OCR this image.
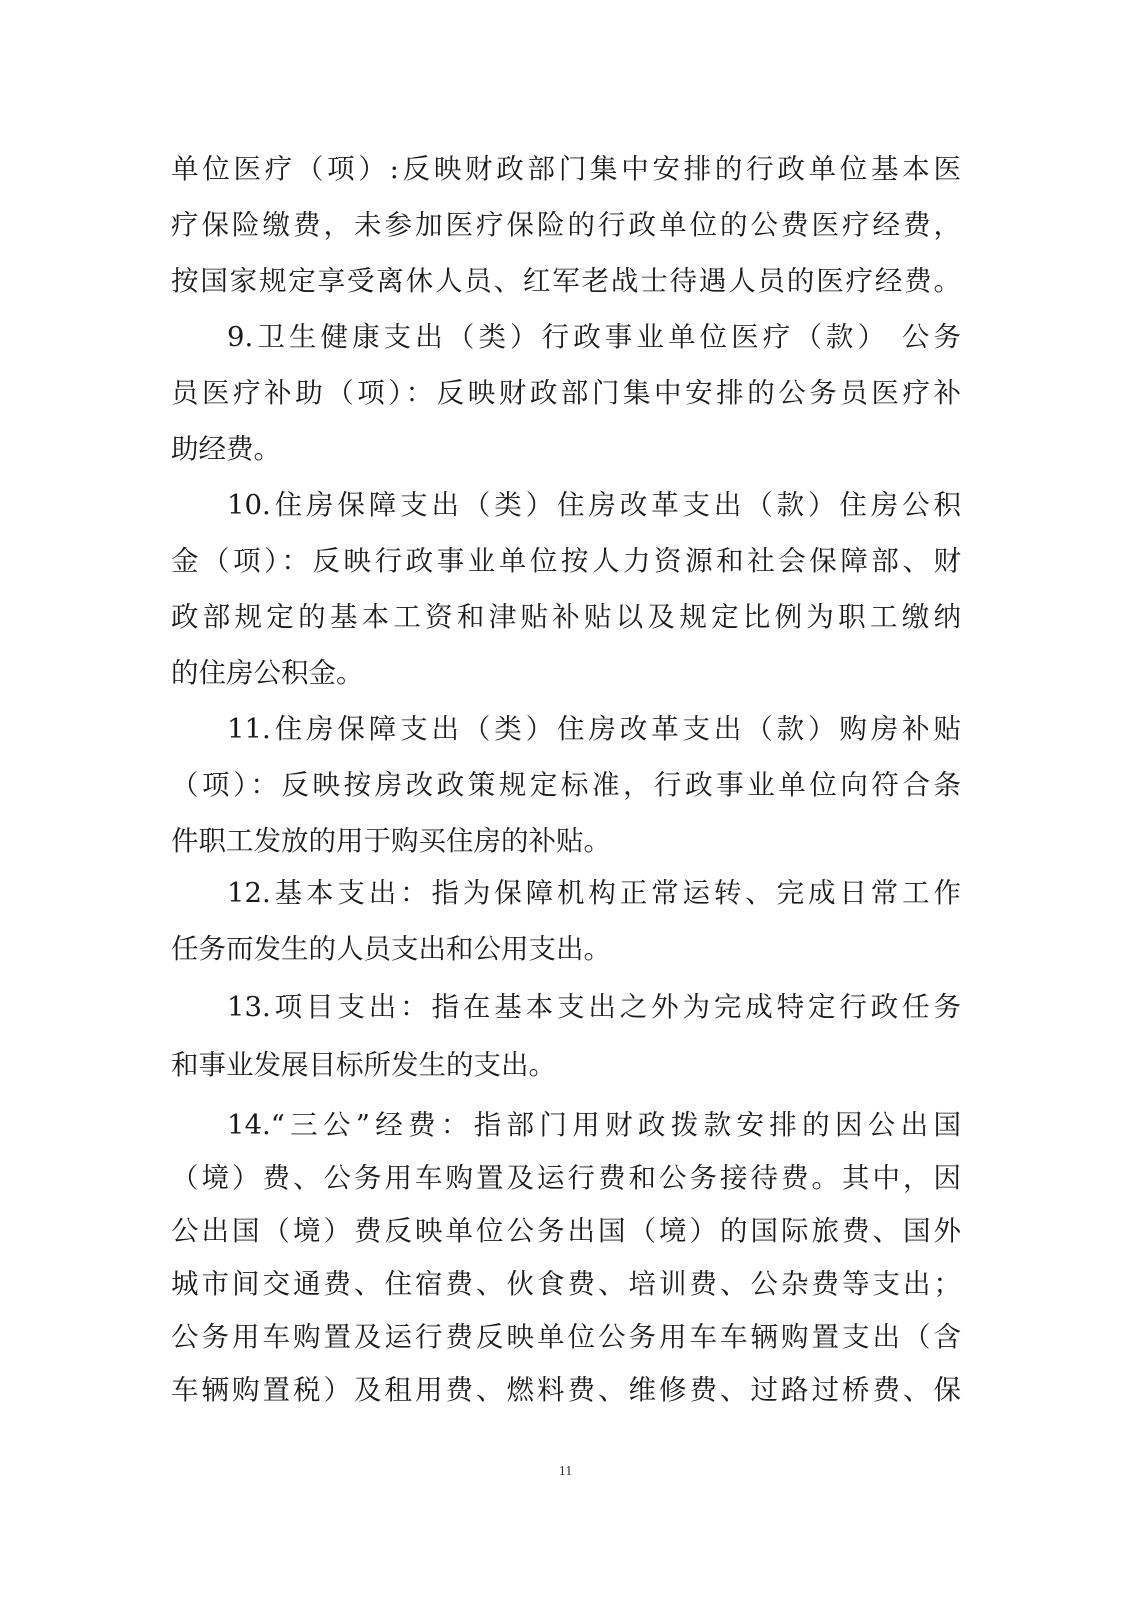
单位医疗（项）:反映财政部门集中安排的行政单位基本医
疗保险缴费，未参加医疗保险的行政单位的公费医疗经费，
按国家规定享受离休人员、红军老战士待遇人员的医疗经费。
9.卫生健康支出（类）行政事业单位医疗（款） 公务
员医疗补助（项）：反映财政部门集中安排的公务员医疗补
助经费。
10.住房保障支出（类）住房改革支出（款）住房公积
金（项）：反映行政事业单位按人力资源和社会保障部、财
政部规定的基本工资和津贴补贴以及规定比例为职工缴纳
的住房公积金。
11.住房保障支出（类）住房改革支出（款）购房补贴
（项）：反映按房改政策规定标准，行政事业单位向符合条
件职工发放的用于购买住房的补贴。
12.基本支出：指为保障机构正常运转、完成日常工作
任务而发生的人员支出和公用支出。
13.项目支出：指在基本支出之外为完成特定行政任务
和事业发展目标所发生的支出。
14.“三公”经费：指部门用财政拨款安排的因公出国
（境）费、公务用车购置及运行费和公务接待费。其中，因
公出国（境）费反映单位公务出国（境）的国际旅费、国外
城市间交通费、住宿费、伙食费、培训费、公杂费等支出；
公务用车购置及运行费反映单位公务用车车辆购置支出（含
车辆购置税）及租用费、燃料费、维修费、过路过桥费、保
11
